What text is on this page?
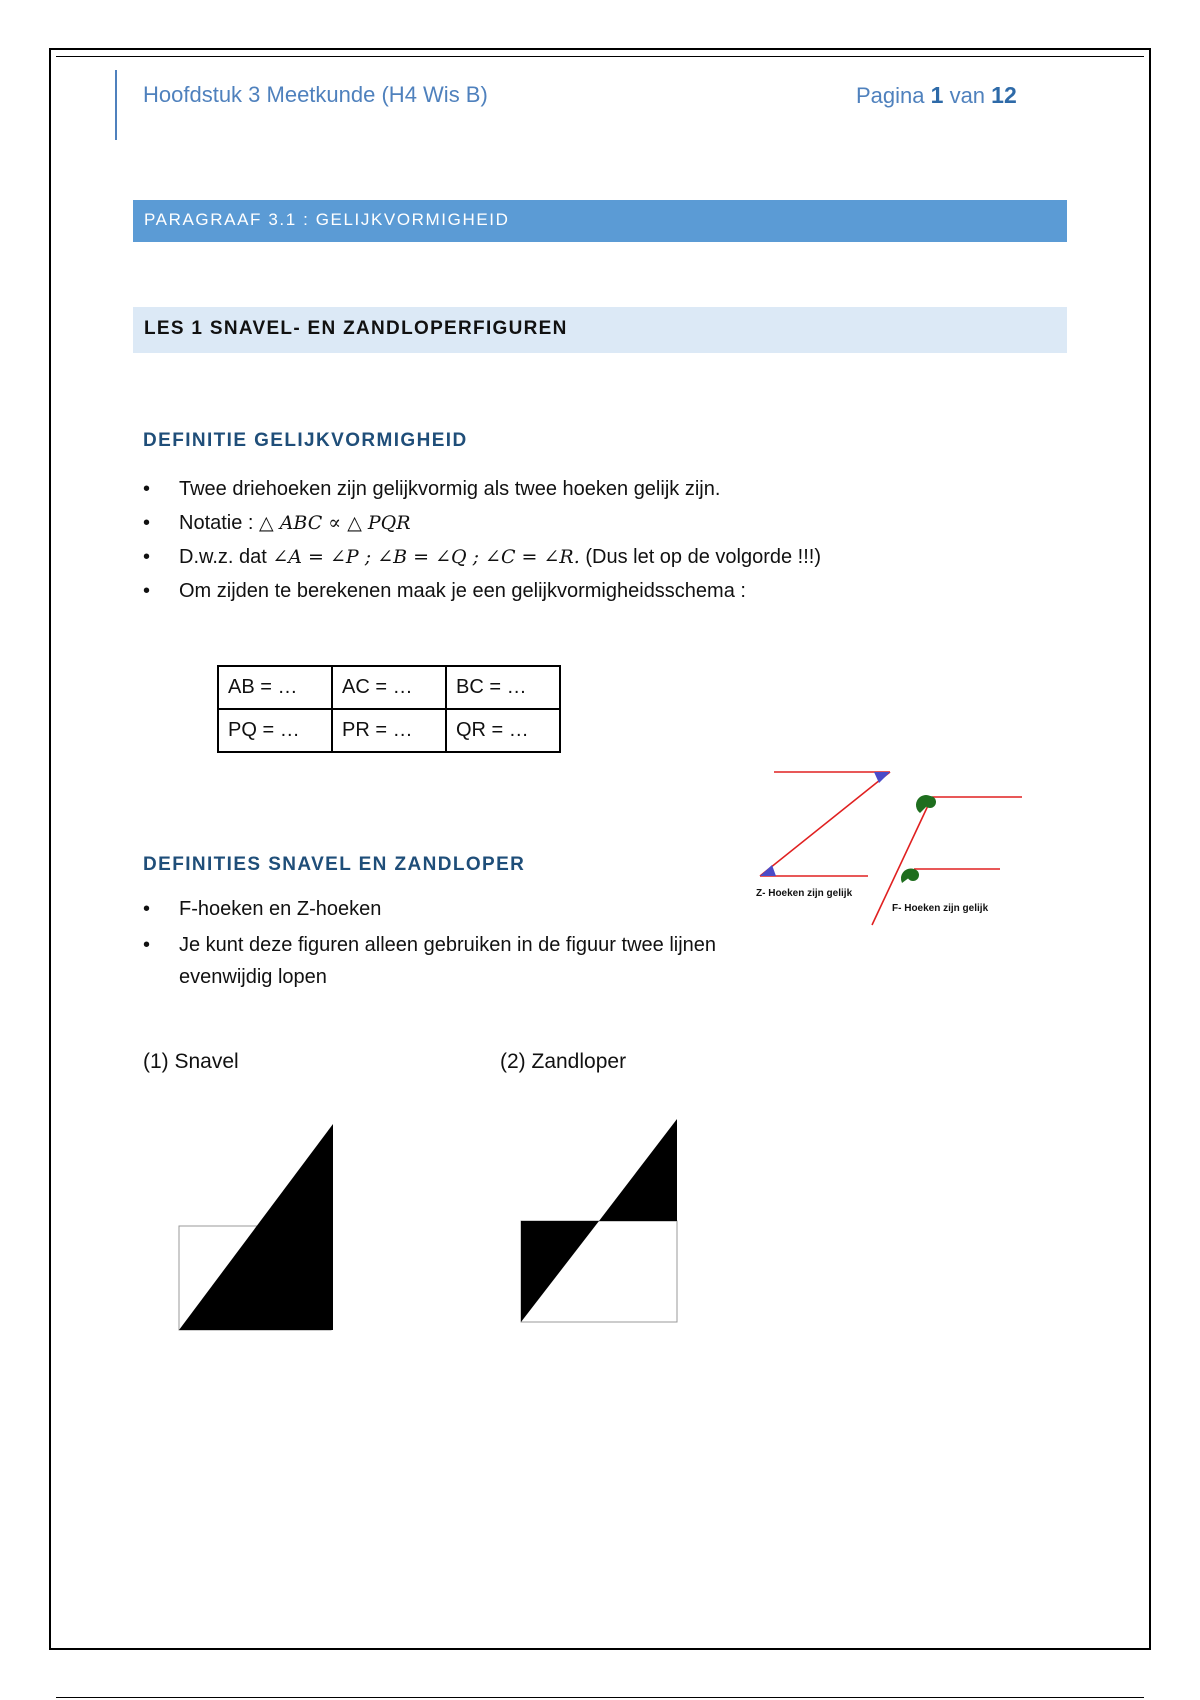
Hoofdstuk 3 Meetkunde (H4 Wis B)	Pagina 1 van 12
PARAGRAAF 3.1 : GELIJKVORMIGHEID
LES 1 SNAVEL- EN ZANDLOPERFIGUREN
DEFINITIE GELIJKVORMIGHEID
• Twee driehoeken zijn gelijkvormig als twee hoeken gelijk zijn.
• Notatie : △ ABC ∝ △ PQR
• D.w.z. dat ∠A = ∠P ; ∠B = ∠Q ; ∠C = ∠R. (Dus let op de volgorde !!!)
• Om zijden te berekenen maak je een gelijkvormigheidsschema :
AB = …	AC = …	BC = …
PQ = …	PR = …	QR = …
Z- Hoeken zijn gelijk
F- Hoeken zijn gelijk
DEFINITIES SNAVEL EN ZANDLOPER
• F-hoeken en Z-hoeken
• Je kunt deze figuren alleen gebruiken in de figuur twee lijnen evenwijdig lopen
(1) Snavel	(2) Zandloper
